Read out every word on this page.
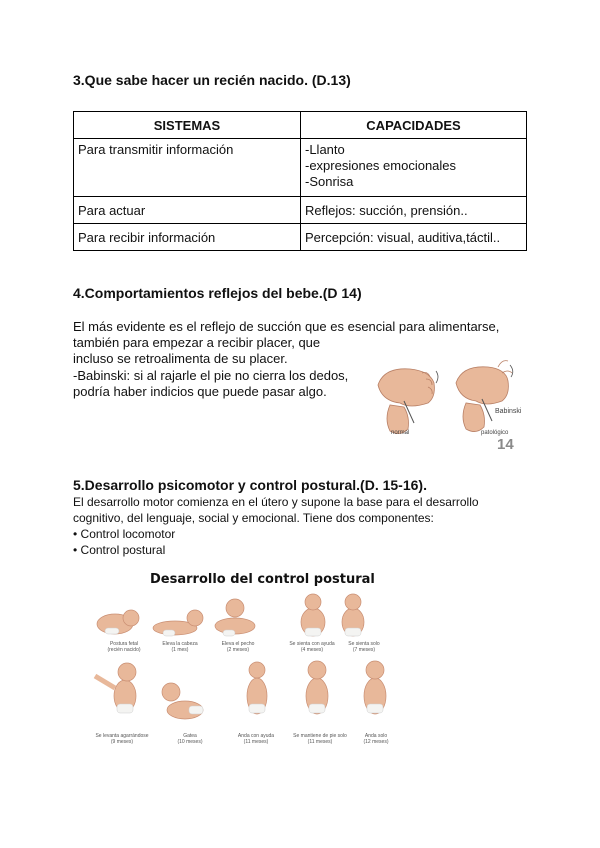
3.Que sabe hacer un recién nacido. (D.13)
SISTEMAS	CAPACIDADES
Para transmitir información	-Llanto
-expresiones emocionales
-Sonrisa

Para actuar	Reflejos: succión, prensión..
Para recibir información	Percepción: visual, auditiva,táctil..
4.Comportamientos reflejos del bebe.(D 14)
El más evidente es el reflejo de succión que es esencial para alimentarse,
también para empezar a recibir placer, que
incluso se retroalimenta de su placer.
-Babinski: si al rajarle el pie no cierra los dedos,
podría haber indicios que puede pasar algo.
normal	patológico
Babinski
14
5.Desarrollo psicomotor y control postural.(D. 15-16).
El desarrollo motor comienza en el útero y supone la base para el desarrollo
cognitivo, del lenguaje, social y emocional. Tiene dos componentes:
• Control locomotor
• Control postural
Desarrollo del control postural
Postura fetal
(recién nacido)
Eleva la cabeza
(1 mes)
Eleva el pecho
(2 meses)
Se sienta con ayuda
(4 meses)
Se sienta solo
(7 meses)
Se levanta agarrándose
(9 meses)
Gatea
(10 meses)
Anda con ayuda
(11 meses)
Se mantiene de pie solo
(11 meses)
Anda solo
(12 meses)
